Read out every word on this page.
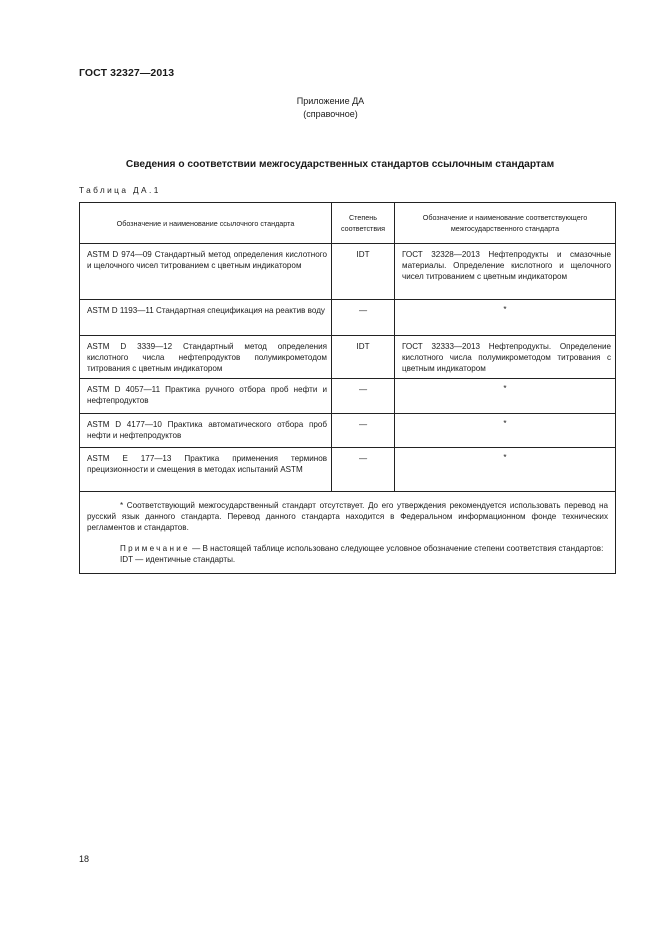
ГОСТ 32327—2013
Приложение ДА
(справочное)
Сведения о соответствии межгосударственных стандартов ссылочным стандартам
Таблица ДА.1
Обозначение и наименование ссылочного стандарта	Степень соответствия	Обозначение и наименование соответствующего межгосударственного стандарта
ASTM D 974—09 Стандартный метод определения кислотного и щелочного чисел титрованием с цветным индикатором	IDT	ГОСТ 32328—2013 Нефтепродукты и смазочные материалы. Определение кислотного и щелочного чисел титрованием с цветным индикатором
ASTM D 1193—11 Стандартная спецификация на реактив воду	—	*
ASTM D 3339—12 Стандартный метод определения кислотного числа нефтепродуктов полумикрометодом титрования с цветным индикатором	IDT	ГОСТ 32333—2013 Нефтепродукты. Определение кислотного числа полумикрометодом титрования с цветным индикатором
ASTM D 4057—11 Практика ручного отбора проб нефти и нефтепродуктов	—	*
ASTM D 4177—10 Практика автоматического отбора проб нефти и нефтепродуктов	—	*
ASTM E 177—13 Практика применения терминов прецизионности и смещения в методах испытаний ASTM	—	*

* Соответствующий межгосударственный стандарт отсутствует. До его утверждения рекомендуется использовать перевод на русский язык данного стандарта. Перевод данного стандарта находится в Федеральном информационном фонде технических регламентов и стандартов.

Примечание — В настоящей таблице использовано следующее условное обозначение степени соответствия стандартов:

IDT — идентичные стандарты.		

18
